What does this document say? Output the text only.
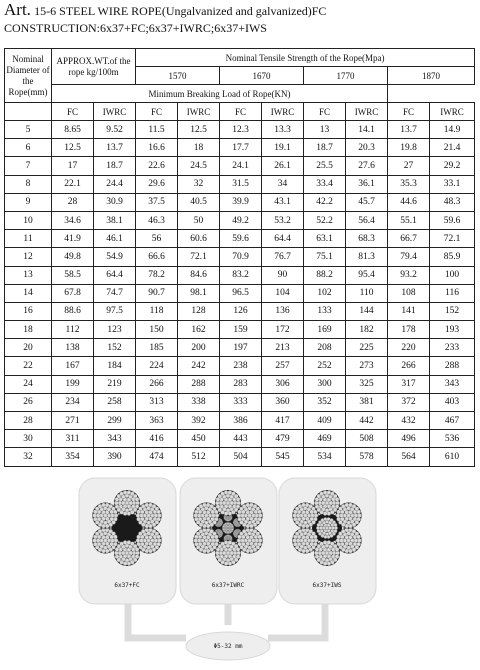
Art. 15-6 STEEL WIRE ROPE(Ungalvanized and galvanized)FC
CONSTRUCTION:6x37+FC;6x37+IWRC;6x37+IWS
Nominal Diameter of the Rope(mm)	APPROX.WT.of the rope kg/100m		Nominal Tensile Strength of the Rope(Mpa)							
			1570		1670		1770		1870	
	Minimum Breaking Load of Rope(KN)									
	FC	IWRC	FC	IWRC	FC	IWRC	FC	IWRC	FC	IWRC
5	8.65	9.52	11.5	12.5	12.3	13.3	13	14.1	13.7	14.9
6	12.5	13.7	16.6	18	17.7	19.1	18.7	20.3	19.8	21.4
7	17	18.7	22.6	24.5	24.1	26.1	25.5	27.6	27	29.2
8	22.1	24.4	29.6	32	31.5	34	33.4	36.1	35.3	33.1
9	28	30.9	37.5	40.5	39.9	43.1	42.2	45.7	44.6	48.3
10	34.6	38.1	46.3	50	49.2	53.2	52.2	56.4	55.1	59.6
11	41.9	46.1	56	60.6	59.6	64.4	63.1	68.3	66.7	72.1
12	49.8	54.9	66.6	72.1	70.9	76.7	75.1	81.3	79.4	85.9
13	58.5	64.4	78.2	84.6	83.2	90	88.2	95.4	93.2	100
14	67.8	74.7	90.7	98.1	96.5	104	102	110	108	116
16	88.6	97.5	118	128	126	136	133	144	141	152
18	112	123	150	162	159	172	169	182	178	193
20	138	152	185	200	197	213	208	225	220	233
22	167	184	224	242	238	257	252	273	266	288
24	199	219	266	288	283	306	300	325	317	343
26	234	258	313	338	333	360	352	381	372	403
28	271	299	363	392	386	417	409	442	432	467
30	311	343	416	450	443	479	469	508	496	536
32	354	390	474	512	504	545	534	578	564	610
6x37+FC	6x37+IWRC	6x37+IWS
Φ5-32 mm
